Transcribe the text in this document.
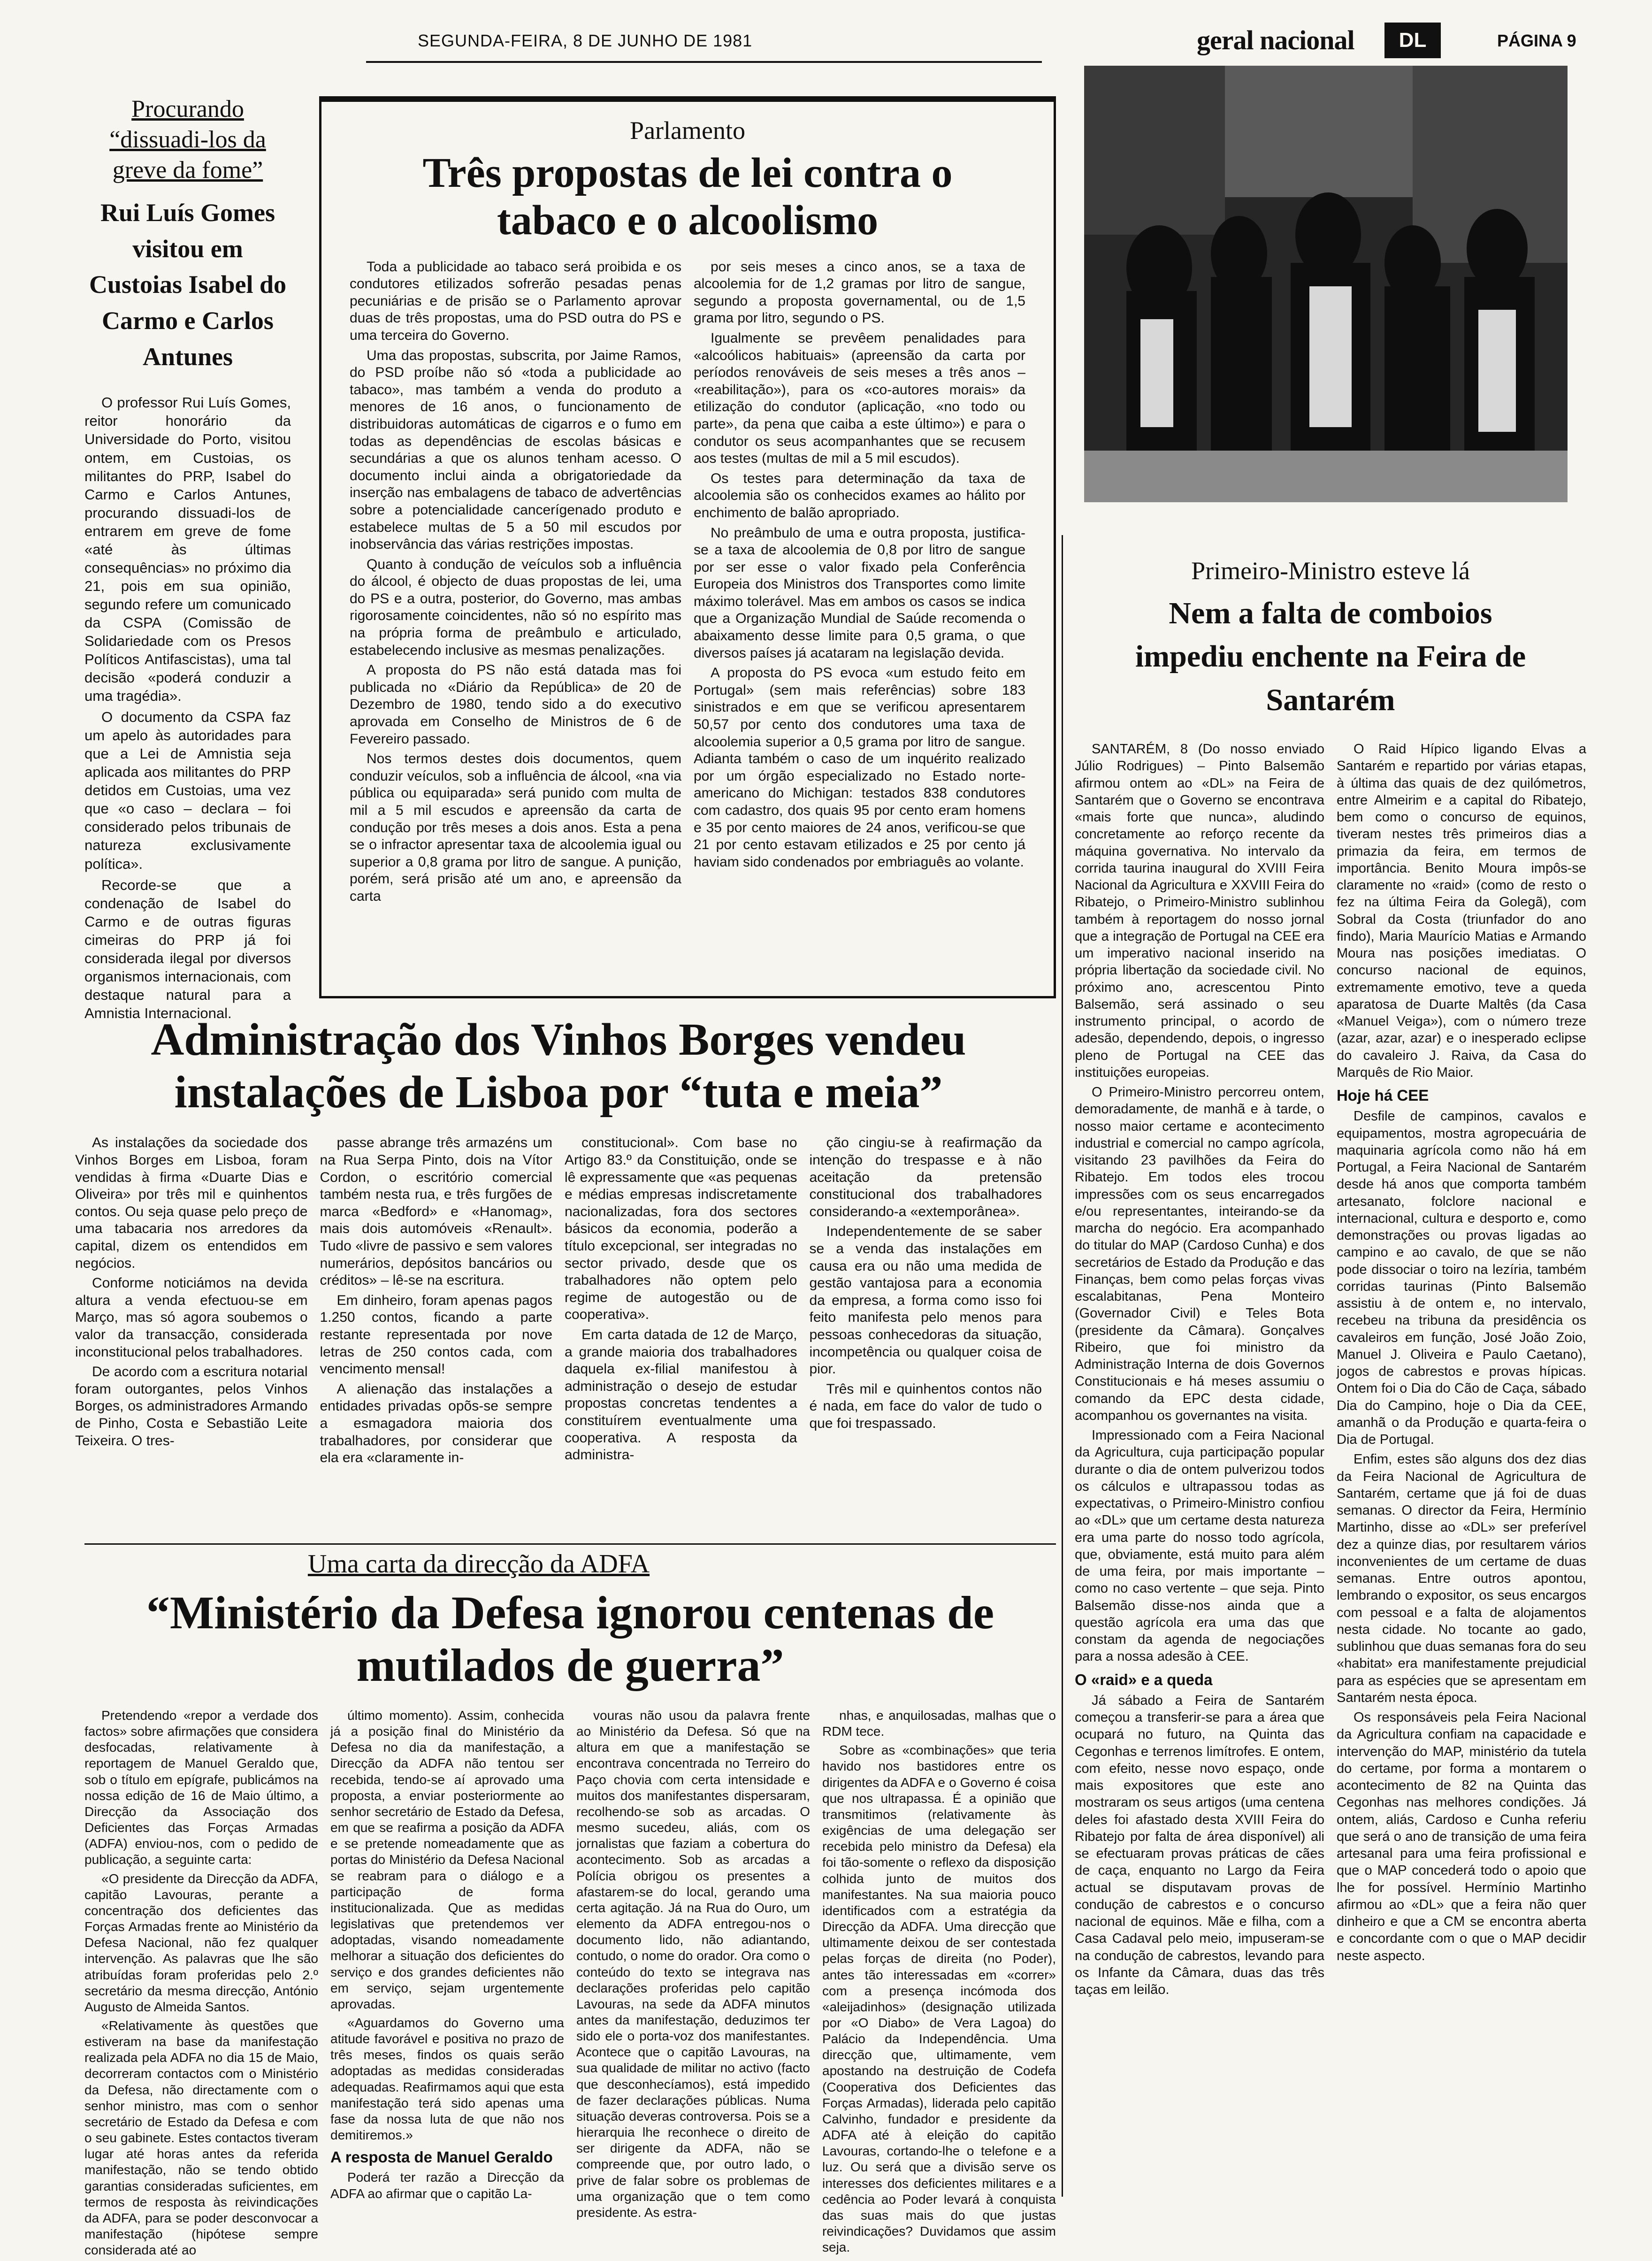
SEGUNDA-FEIRA, 8 DE JUNHO DE 1981	geral nacional	DL	PÁGINA 9
Procurando “dissuadi-los da greve da fome”
Rui Luís Gomes visitou em Custoias Isabel do Carmo e Carlos Antunes

O professor Rui Luís Gomes, reitor honorário da Universidade do Porto, visitou ontem, em Custoias, os militantes do PRP, Isabel do Carmo e Carlos Antunes, procurando dissuadi-los de entrarem em greve de fome «até às últimas consequências» no próximo dia 21, pois em sua opinião, segundo refere um comunicado da CSPA (Comissão de Solidariedade com os Presos Políticos Antifascistas), uma tal decisão «poderá conduzir a uma tragédia».

O documento da CSPA faz um apelo às autoridades para que a Lei de Amnistia seja aplicada aos militantes do PRP detidos em Custoias, uma vez que «o caso – declara – foi considerado pelos tribunais de natureza exclusivamente política».

Recorde-se que a condenação de Isabel do Carmo e de outras figuras cimeiras do PRP já foi considerada ilegal por diversos organismos internacionais, com destaque natural para a Amnistia Internacional.

Parlamento
Três propostas de lei contra o tabaco e o alcoolismo

Toda a publicidade ao tabaco será proibida e os condutores etilizados sofrerão pesadas penas pecuniárias e de prisão se o Parlamento aprovar duas de três propostas, uma do PSD outra do PS e uma terceira do Governo.

Uma das propostas, subscrita, por Jaime Ramos, do PSD proíbe não só «toda a publicidade ao tabaco», mas também a venda do produto a menores de 16 anos, o funcionamento de distribuidoras automáticas de cigarros e o fumo em todas as dependências de escolas básicas e secundárias a que os alunos tenham acesso. O documento inclui ainda a obrigatoriedade da inserção nas embalagens de tabaco de advertências sobre a potencialidade cancerígenado produto e estabelece multas de 5 a 50 mil escudos por inobservância das várias restrições impostas.

Quanto à condução de veículos sob a influência do álcool, é objecto de duas propostas de lei, uma do PS e a outra, posterior, do Governo, mas ambas rigorosamente coincidentes, não só no espírito mas na própria forma de preâmbulo e articulado, estabelecendo inclusive as mesmas penalizações.

A proposta do PS não está datada mas foi publicada no «Diário da República» de 20 de Dezembro de 1980, tendo sido a do executivo aprovada em Conselho de Ministros de 6 de Fevereiro passado.

Nos termos destes dois documentos, quem conduzir veículos, sob a influência de álcool, «na via pública ou equiparada» será punido com multa de mil a 5 mil escudos e apreensão da carta de condução por três meses a dois anos. Esta a pena se o infractor apresentar taxa de alcoolemia igual ou superior a 0,8 grama por litro de sangue. A punição, porém, será prisão até um ano, e apreensão da carta

por seis meses a cinco anos, se a taxa de alcoolemia for de 1,2 gramas por litro de sangue, segundo a proposta governamental, ou de 1,5 grama por litro, segundo o PS.

Igualmente se prevêem penalidades para «alcoólicos habituais» (apreensão da carta por períodos renováveis de seis meses a três anos – «reabilitação»), para os «co-autores morais» da etilização do condutor (aplicação, «no todo ou parte», da pena que caiba a este último») e para o condutor os seus acompanhantes que se recusem aos testes (multas de mil a 5 mil escudos).

Os testes para determinação da taxa de alcoolemia são os conhecidos exames ao hálito por enchimento de balão apropriado.

No preâmbulo de uma e outra proposta, justifica-se a taxa de alcoolemia de 0,8 por litro de sangue por ser esse o valor fixado pela Conferência Europeia dos Ministros dos Transportes como limite máximo tolerável. Mas em ambos os casos se indica que a Organização Mundial de Saúde recomenda o abaixamento desse limite para 0,5 grama, o que diversos países já acataram na legislação devida.

A proposta do PS evoca «um estudo feito em Portugal» (sem mais referências) sobre 183 sinistrados e em que se verificou apresentarem 50,57 por cento dos condutores uma taxa de alcoolemia superior a 0,5 grama por litro de sangue. Adianta também o caso de um inquérito realizado por um órgão especializado no Estado norte-americano do Michigan: testados 838 condutores com cadastro, dos quais 95 por cento eram homens e 35 por cento maiores de 24 anos, verificou-se que 21 por cento estavam etilizados e 25 por cento já haviam sido condenados por embriaguês ao volante.

Primeiro-Ministro esteve lá
Nem a falta de comboios impediu enchente na Feira de Santarém

SANTARÉM, 8 (Do nosso enviado Júlio Rodrigues) – Pinto Balsemão afirmou ontem ao «DL» na Feira de Santarém que o Governo se encontrava «mais forte que nunca», aludindo concretamente ao reforço recente da máquina governativa. No intervalo da corrida taurina inaugural do XVIII Feira Nacional da Agricultura e XXVIII Feira do Ribatejo, o Primeiro-Ministro sublinhou também à reportagem do nosso jornal que a integração de Portugal na CEE era um imperativo nacional inserido na própria libertação da sociedade civil. No próximo ano, acrescentou Pinto Balsemão, será assinado o seu instrumento principal, o acordo de adesão, dependendo, depois, o ingresso pleno de Portugal na CEE das instituições europeias.

O Primeiro-Ministro percorreu ontem, demoradamente, de manhã e à tarde, o nosso maior certame e acontecimento industrial e comercial no campo agrícola, visitando 23 pavilhões da Feira do Ribatejo. Em todos eles trocou impressões com os seus encarregados e/ou representantes, inteirando-se da marcha do negócio. Era acompanhado do titular do MAP (Cardoso Cunha) e dos secretários de Estado da Produção e das Finanças, bem como pelas forças vivas escalabitanas, Pena Monteiro (Governador Civil) e Teles Bota (presidente da Câmara). Gonçalves Ribeiro, que foi ministro da Administração Interna de dois Governos Constitucionais e há meses assumiu o comando da EPC desta cidade, acompanhou os governantes na visita.

Impressionado com a Feira Nacional da Agricultura, cuja participação popular durante o dia de ontem pulverizou todos os cálculos e ultrapassou todas as expectativas, o Primeiro-Ministro confiou ao «DL» que um certame desta natureza era uma parte do nosso todo agrícola, que, obviamente, está muito para além de uma feira, por mais importante – como no caso vertente – que seja. Pinto Balsemão disse-nos ainda que a questão agrícola era uma das que constam da agenda de negociações para a nossa adesão à CEE.

O «raid» e a queda

Já sábado a Feira de Santarém começou a transferir-se para a área que ocupará no futuro, na Quinta das Cegonhas e terrenos limítrofes. E ontem, com efeito, nesse novo espaço, onde mais expositores que este ano mostraram os seus artigos (uma centena deles foi afastado desta XVIII Feira do Ribatejo por falta de área disponível) ali se efectuaram provas práticas de cães de caça, enquanto no Largo da Feira actual se disputavam provas de condução de cabrestos e o concurso nacional de equinos. Mãe e filha, com a Casa Cadaval pelo meio, impuseram-se na condução de cabrestos, levando para os Infante da Câmara, duas das três taças em leilão.

O Raid Hípico ligando Elvas a Santarém e repartido por várias etapas, à última das quais de dez quilómetros, entre Almeirim e a capital do Ribatejo, bem como o concurso de equinos, tiveram nestes três primeiros dias a primazia da feira, em termos de importância. Benito Moura impôs-se claramente no «raid» (como de resto o fez na última Feira da Golegã), com Sobral da Costa (triunfador do ano findo), Maria Maurício Matias e Armando Moura nas posições imediatas. O concurso nacional de equinos, extremamente emotivo, teve a queda aparatosa de Duarte Maltês (da Casa «Manuel Veiga»), com o número treze (azar, azar, azar) e o inesperado eclipse do cavaleiro J. Raiva, da Casa do Marquês de Rio Maior.

Hoje há CEE

Desfile de campinos, cavalos e equipamentos, mostra agropecuária de maquinaria agrícola como não há em Portugal, a Feira Nacional de Santarém desde há anos que comporta também artesanato, folclore nacional e internacional, cultura e desporto e, como demonstrações ou provas ligadas ao campino e ao cavalo, de que se não pode dissociar o toiro na lezíria, também corridas taurinas (Pinto Balsemão assistiu à de ontem e, no intervalo, recebeu na tribuna da presidência os cavaleiros em função, José João Zoio, Manuel J. Oliveira e Paulo Caetano), jogos de cabrestos e provas hípicas. Ontem foi o Dia do Cão de Caça, sábado Dia do Campino, hoje o Dia da CEE, amanhã o da Produção e quarta-feira o Dia de Portugal.

Enfim, estes são alguns dos dez dias da Feira Nacional de Agricultura de Santarém, certame que já foi de duas semanas. O director da Feira, Hermínio Martinho, disse ao «DL» ser preferível dez a quinze dias, por resultarem vários inconvenientes de um certame de duas semanas. Entre outros apontou, lembrando o expositor, os seus encargos com pessoal e a falta de alojamentos nesta cidade. No tocante ao gado, sublinhou que duas semanas fora do seu «habitat» era manifestamente prejudicial para as espécies que se apresentam em Santarém nesta época.

Os responsáveis pela Feira Nacional da Agricultura confiam na capacidade e intervenção do MAP, ministério da tutela do certame, por forma a montarem o acontecimento de 82 na Quinta das Cegonhas nas melhores condições. Já ontem, aliás, Cardoso e Cunha referiu que será o ano de transição de uma feira artesanal para uma feira profissional e que o MAP concederá todo o apoio que lhe for possível. Hermínio Martinho afirmou ao «DL» que a feira não quer dinheiro e que a CM se encontra aberta e concordante com o que o MAP decidir neste aspecto.

Administração dos Vinhos Borges vendeu instalações de Lisboa por “tuta e meia”

As instalações da sociedade dos Vinhos Borges em Lisboa, foram vendidas à firma «Duarte Dias e Oliveira» por três mil e quinhentos contos. Ou seja quase pelo preço de uma tabacaria nos arredores da capital, dizem os entendidos em negócios.

Conforme noticiámos na devida altura a venda efectuou-se em Março, mas só agora soubemos o valor da transacção, considerada inconstitucional pelos trabalhadores.

De acordo com a escritura notarial foram outorgantes, pelos Vinhos Borges, os administradores Armando de Pinho, Costa e Sebastião Leite Teixeira. O tres-

passe abrange três armazéns um na Rua Serpa Pinto, dois na Vítor Cordon, o escritório comercial também nesta rua, e três furgões de marca «Bedford» e «Hanomag», mais dois automóveis «Renault». Tudo «livre de passivo e sem valores numerários, depósitos bancários ou créditos» – lê-se na escritura.

Em dinheiro, foram apenas pagos 1.250 contos, ficando a parte restante representada por nove letras de 250 contos cada, com vencimento mensal!

A alienação das instalações a entidades privadas opõs-se sempre a esmagadora maioria dos trabalhadores, por considerar que ela era «claramente in-

constitucional». Com base no Artigo 83.º da Constituição, onde se lê expressamente que «as pequenas e médias empresas indiscretamente nacionalizadas, fora dos sectores básicos da economia, poderão a título excepcional, ser integradas no sector privado, desde que os trabalhadores não optem pelo regime de autogestão ou de cooperativa».

Em carta datada de 12 de Março, a grande maioria dos trabalhadores daquela ex-filial manifestou à administração o desejo de estudar propostas concretas tendentes a constituírem eventualmente uma cooperativa. A resposta da administra-

ção cingiu-se à reafirmação da intenção do trespasse e à não aceitação da pretensão constitucional dos trabalhadores considerando-a «extemporânea».

Independentemente de se saber se a venda das instalações em causa era ou não uma medida de gestão vantajosa para a economia da empresa, a forma como isso foi feito manifesta pelo menos para pessoas conhecedoras da situação, incompetência ou qualquer coisa de pior.

Três mil e quinhentos contos não é nada, em face do valor de tudo o que foi trespassado.

Uma carta da direcção da ADFA
“Ministério da Defesa ignorou centenas de mutilados de guerra”

Pretendendo «repor a verdade dos factos» sobre afirmações que considera desfocadas, relativamente à reportagem de Manuel Geraldo que, sob o título em epígrafe, publicámos na nossa edição de 16 de Maio último, a Direcção da Associação dos Deficientes das Forças Armadas (ADFA) enviou-nos, com o pedido de publicação, a seguinte carta:

«O presidente da Direcção da ADFA, capitão Lavouras, perante a concentração dos deficientes das Forças Armadas frente ao Ministério da Defesa Nacional, não fez qualquer intervenção. As palavras que lhe são atribuídas foram proferidas pelo 2.º secretário da mesma direcção, António Augusto de Almeida Santos.

«Relativamente às questões que estiveram na base da manifestação realizada pela ADFA no dia 15 de Maio, decorreram contactos com o Ministério da Defesa, não directamente com o senhor ministro, mas com o senhor secretário de Estado da Defesa e com o seu gabinete. Estes contactos tiveram lugar até horas antes da referida manifestação, não se tendo obtido garantias consideradas suficientes, em termos de resposta às reivindicações da ADFA, para se poder desconvocar a manifestação (hipótese sempre considerada até ao

último momento). Assim, conhecida já a posição final do Ministério da Defesa no dia da manifestação, a Direcção da ADFA não tentou ser recebida, tendo-se aí aprovado uma proposta, a enviar posteriormente ao senhor secretário de Estado da Defesa, em que se reafirma a posição da ADFA e se pretende nomeadamente que as portas do Ministério da Defesa Nacional se reabram para o diálogo e a participação de forma institucionalizada. Que as medidas legislativas que pretendemos ver adoptadas, visando nomeadamente melhorar a situação dos deficientes do serviço e dos grandes deficientes não em serviço, sejam urgentemente aprovadas.

«Aguardamos do Governo uma atitude favorável e positiva no prazo de três meses, findos os quais serão adoptadas as medidas consideradas adequadas. Reafirmamos aqui que esta manifestação terá sido apenas uma fase da nossa luta de que não nos demitiremos.»

A resposta de Manuel Geraldo

Poderá ter razão a Direcção da ADFA ao afirmar que o capitão La-

vouras não usou da palavra frente ao Ministério da Defesa. Só que na altura em que a manifestação se encontrava concentrada no Terreiro do Paço chovia com certa intensidade e muitos dos manifestantes dispersaram, recolhendo-se sob as arcadas. O mesmo sucedeu, aliás, com os jornalistas que faziam a cobertura do acontecimento. Sob as arcadas a Polícia obrigou os presentes a afastarem-se do local, gerando uma certa agitação. Já na Rua do Ouro, um elemento da ADFA entregou-nos o documento lido, não adiantando, contudo, o nome do orador. Ora como o conteúdo do texto se integrava nas declarações proferidas pelo capitão Lavouras, na sede da ADFA minutos antes da manifestação, deduzimos ter sido ele o porta-voz dos manifestantes. Acontece que o capitão Lavouras, na sua qualidade de militar no activo (facto que desconhecíamos), está impedido de fazer declarações públicas. Numa situação deveras controversa. Pois se a hierarquia lhe reconhece o direito de ser dirigente da ADFA, não se compreende que, por outro lado, o prive de falar sobre os problemas de uma organização que o tem como presidente. As estra-

nhas, e anquilosadas, malhas que o RDM tece.

Sobre as «combinações» que teria havido nos bastidores entre os dirigentes da ADFA e o Governo é coisa que nos ultrapassa. É a opinião que transmitimos (relativamente às exigências de uma delegação ser recebida pelo ministro da Defesa) ela foi tão-somente o reflexo da disposição colhida junto de muitos dos manifestantes. Na sua maioria pouco identificados com a estratégia da Direcção da ADFA. Uma direcção que ultimamente deixou de ser contestada pelas forças de direita (no Poder), antes tão interessadas em «correr» com a presença incómoda dos «aleijadinhos» (designação utilizada por «O Diabo» de Vera Lagoa) do Palácio da Independência. Uma direcção que, ultimamente, vem apostando na destruição de Codefa (Cooperativa dos Deficientes das Forças Armadas), liderada pelo capitão Calvinho, fundador e presidente da ADFA até à eleição do capitão Lavouras, cortando-lhe o telefone e a luz. Ou será que a divisão serve os interesses dos deficientes militares e a cedência ao Poder levará à conquista das suas mais do que justas reivindicações? Duvidamos que assim seja.
